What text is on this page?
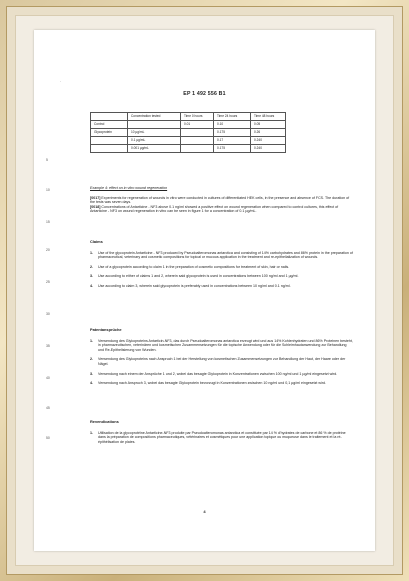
·
EP 1 492 556 B1
5
10
15
20
25
30
35
40
45
50
	Concentration tested	Time 0 hours	Time 24 hours	Time 48 hours
Control		0.01	0.10	0.05
Glycoprotein	10 µg/mL		0.175	0.26
	0.1 µg/mL		0.17	0.240
	0.001 µg/mL		0.175	0.240
Example 4: effect on in vitro wound regeneration
[0017] Experiments for regeneration of wounds in vitro were conducted in cultures of differentiated HEK cells, in the presence and absence of FCS. The duration of the tests was seven days.
[0018] Concentrations of Antarticine - NF3 above 0.1 ng/ml showed a positive effect on wound regeneration when compared to control cultures, this effect of Antarticine - NF3 on wound regeneration in vitro can be seen in figure 1 for a concentration of 0.1 µg/mL.
Claims
1.	Use of the glycoprotein Antarticine - NF3 produced by Pseudoalteromonas antarctica and consisting of 14% carbohydrates and 86% protein in the preparation of pharmaceutical, veterinary and cosmetic compositions for topical or mucous application in the treatment and re-epithelialization of wounds.
2.	Use of a glycoprotein according to claim 1 in the preparation of cosmetic compositions for treatment of skin, hair or nails.
3.	Use according to either of claims 1 and 2, wherein said glycoprotein is used in concentrations between 100 ng/ml and 1 µg/ml.
4.	Use according to claim 3, wherein said glycoprotein is preferably used in concentrations between 10 ng/ml and 0.1 ng/ml.
Patentansprüche
1.	Verwendung des Glykoproteins Antarticin-NF3, das durch Pseudoalteromonas antarctica erzeugt wird und aus 14% Kohlenhydraten und 86% Proteinen besteht, in pharmazeutischen, veterinären und kosmetischen Zusammensetzungen für die topische Anwendung oder für die Schleimhautanwendung zur Behandlung und Re-Epithelisierung von Wunden.
2.	Verwendung des Glykoproteins nach Anspruch 1 bei der Herstellung von kosmetischen Zusammensetzungen zur Behandlung der Haut, der Haare oder der Nägel.
3.	Verwendung nach einem der Ansprüche 1 und 2, wobei das besagte Glykoprotein in Konzentrationen zwischen 100 ng/ml und 1 µg/ml eingesetzt wird.
4.	Verwendung nach Anspruch 3, wobei das besagte Glykoprotein bevorzugt in Konzentrationen zwischen 10 ng/ml und 0,1 µg/ml eingesetzt wird.
Revendications
1.	Utilisation de la glycoprotéine Antarticine-NF3 produite par Pseudoalteromonas antarctica et constituée par 14 % d'hydrates de carbone et 86 % de protéine dans la préparation de compositions pharmaceutiques, vétérinaires et cosmétiques pour une application topique ou muqueuse dans le traitement et la ré-épithélisation de plaies.
4
